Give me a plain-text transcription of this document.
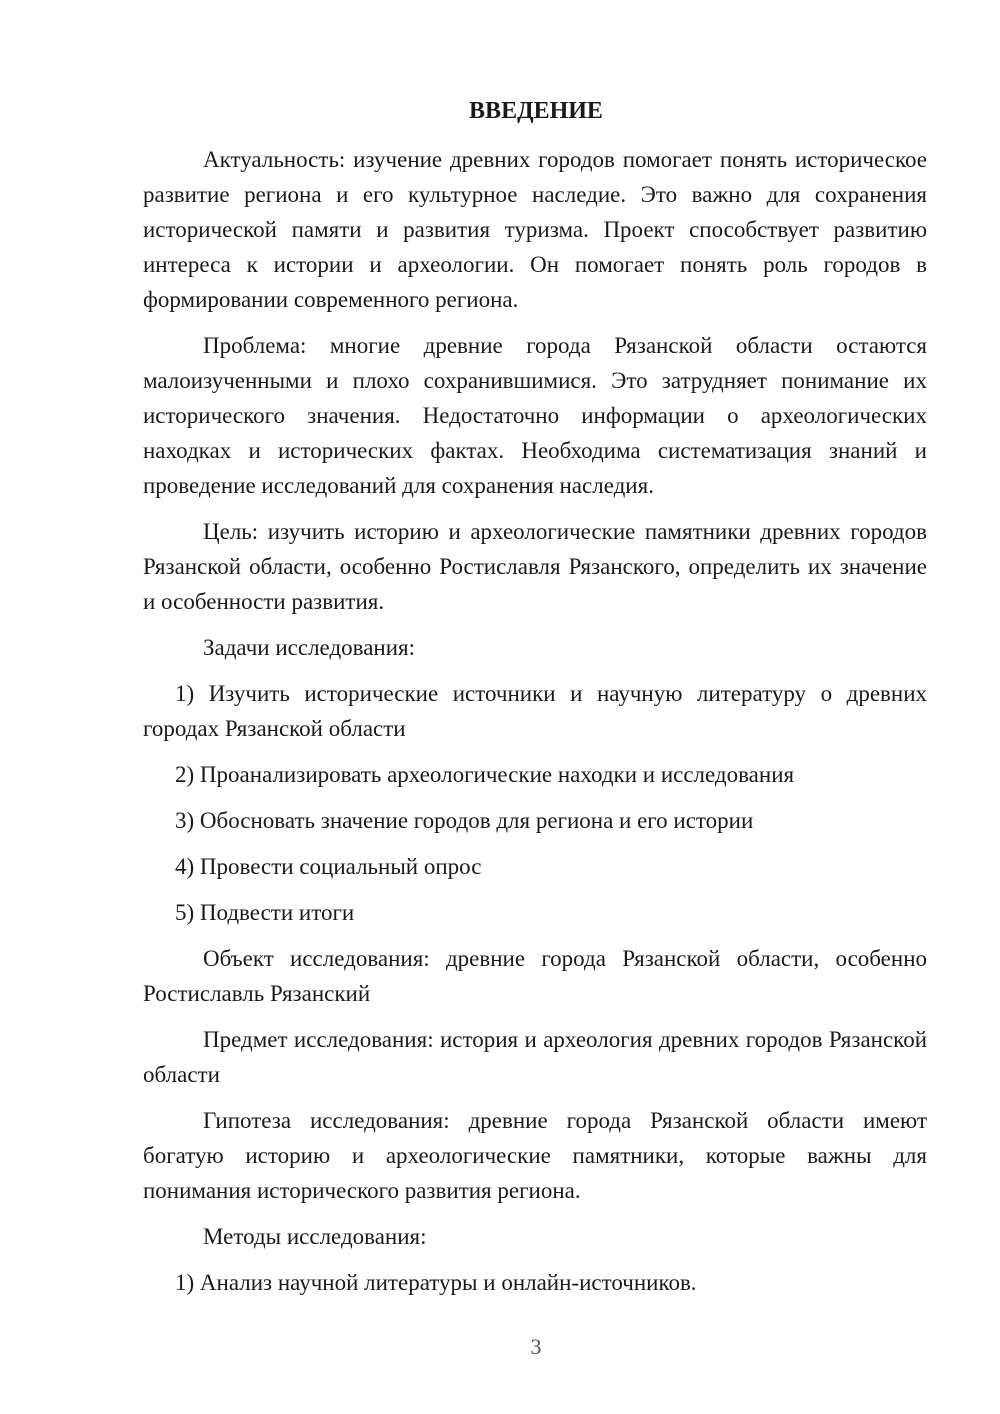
ВВЕДЕНИЕ

Актуальность: изучение древних городов помогает понять историческое развитие региона и его культурное наследие. Это важно для сохранения исторической памяти и развития туризма. Проект способствует развитию интереса к истории и археологии. Он помогает понять роль городов в формировании современного региона.

Проблема: многие древние города Рязанской области остаются малоизученными и плохо сохранившимися. Это затрудняет понимание их исторического значения. Недостаточно информации о археологических находках и исторических фактах. Необходима систематизация знаний и проведение исследований для сохранения наследия.

Цель: изучить историю и археологические памятники древних городов Рязанской области, особенно Ростиславля Рязанского, определить их значение и особенности развития.

Задачи исследования:

1) Изучить исторические источники и научную литературу о древних городах Рязанской области

2) Проанализировать археологические находки и исследования

3) Обосновать значение городов для региона и его истории

4) Провести социальный опрос

5) Подвести итоги

Объект исследования: древние города Рязанской области, особенно Ростиславль Рязанский

Предмет исследования: история и археология древних городов Рязанской области

Гипотеза исследования: древние города Рязанской области имеют богатую историю и археологические памятники, которые важны для понимания исторического развития региона.

Методы исследования:

1) Анализ научной литературы и онлайн-источников.

3
